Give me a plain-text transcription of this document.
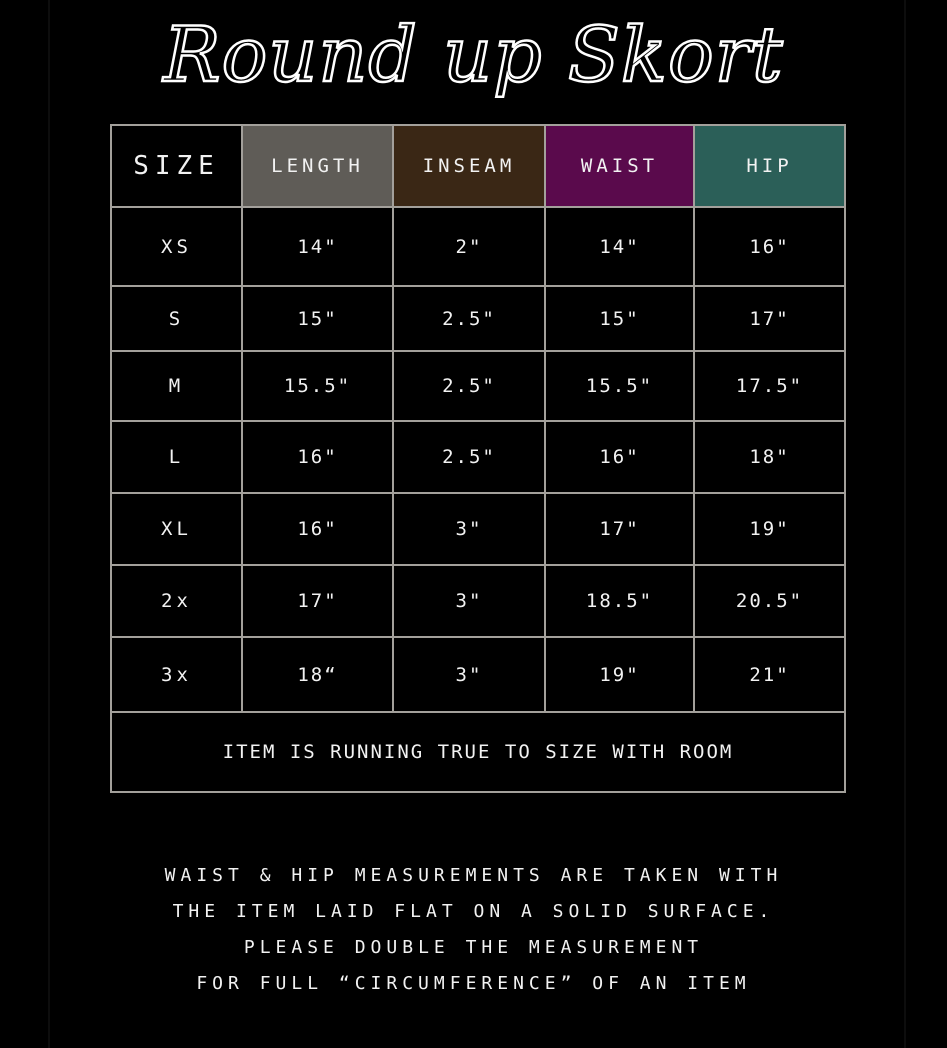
Round up Skort
SIZE	LENGTH	INSEAM	WAIST	HIP
XS	14"	2"	14"	16"
S	15"	2.5"	15"	17"
M	15.5"	2.5"	15.5"	17.5"
L	16"	2.5"	16"	18"
XL	16"	3"	17"	19"
2x	17"	3"	18.5"	20.5"
3x	18“	3"	19"	21"
ITEM IS RUNNING TRUE TO SIZE WITH ROOM				
WAIST & HIP MEASUREMENTS ARE TAKEN WITH
THE ITEM LAID FLAT ON A SOLID SURFACE.
PLEASE DOUBLE THE MEASUREMENT
FOR FULL “CIRCUMFERENCE” OF AN ITEM
